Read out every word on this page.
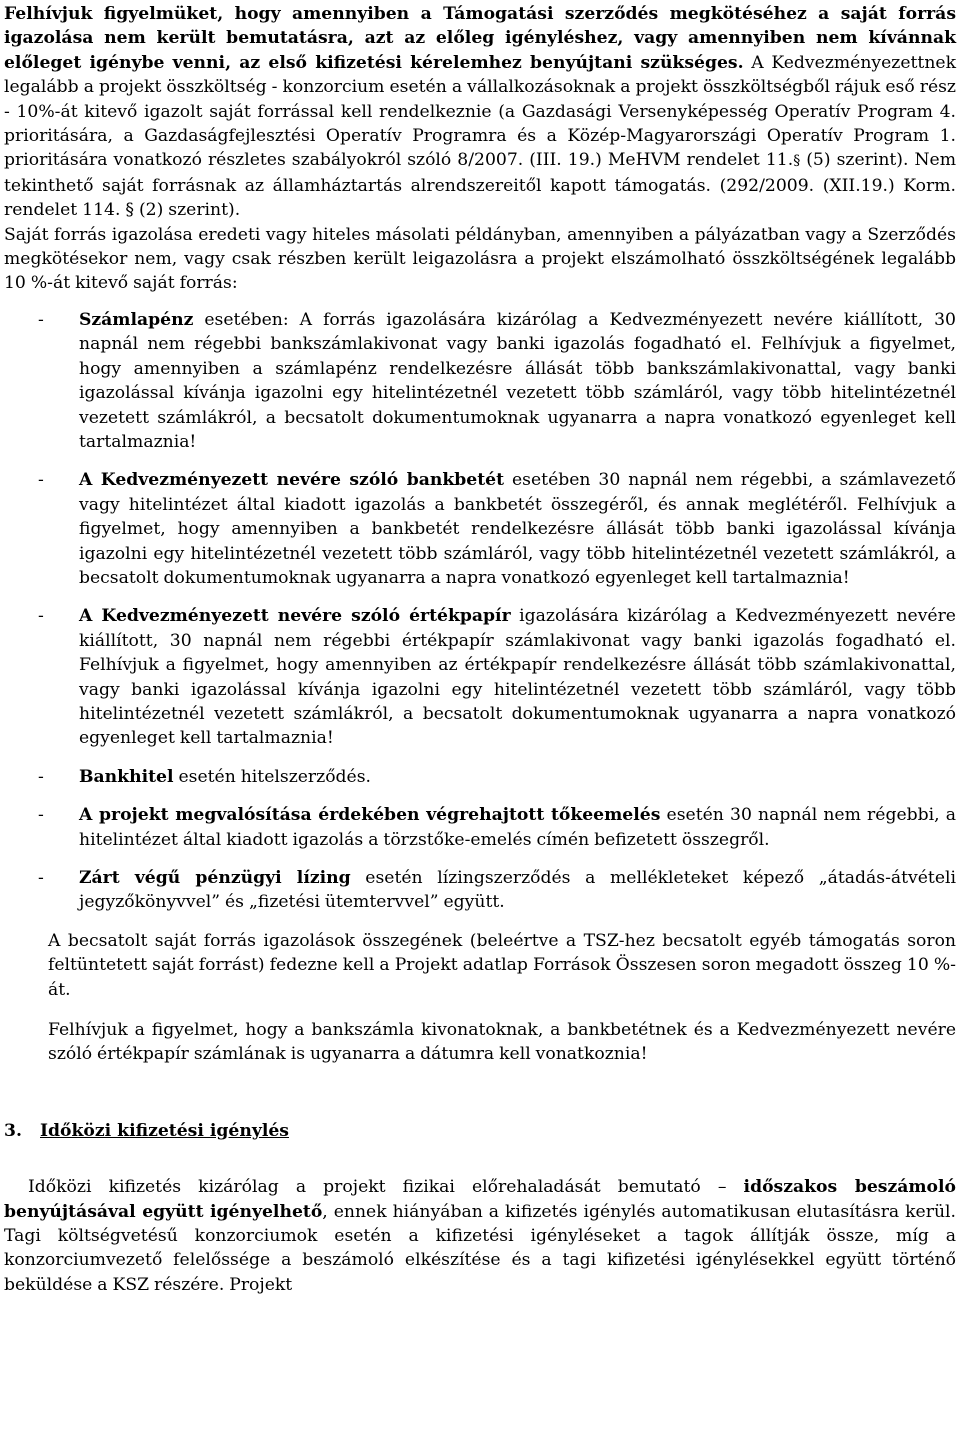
Felhívjuk figyelmüket, hogy amennyiben a Támogatási szerződés megkötéséhez a saját forrás igazolása nem került bemutatásra, azt az előleg igényléshez, vagy amennyiben nem kívánnak előleget igénybe venni, az első kifizetési kérelemhez benyújtani szükséges. A Kedvezményezettnek legalább a projekt összköltség - konzorcium esetén a vállalkozásoknak a projekt összköltségből rájuk eső rész - 10%-át kitevő igazolt saját forrással kell rendelkeznie (a Gazdasági Versenyképesség Operatív Program 4. prioritására, a Gazdaságfejlesztési Operatív Programra és a Közép-Magyarországi Operatív Program 1. prioritására vonatkozó részletes szabályokról szóló 8/2007. (III. 19.) MeHVM rendelet 11.§ (5) szerint). Nem tekinthető saját forrásnak az államháztartás alrendszereitől kapott támogatás. (292/2009. (XII.19.) Korm. rendelet 114. § (2) szerint).

Saját forrás igazolása eredeti vagy hiteles másolati példányban, amennyiben a pályázatban vagy a Szerződés megkötésekor nem, vagy csak részben került leigazolásra a projekt elszámolható összköltségének legalább 10 %-át kitevő saját forrás:

- Számlapénz esetében: A forrás igazolására kizárólag a Kedvezményezett nevére kiállított, 30 napnál nem régebbi bankszámlakivonat vagy banki igazolás fogadható el. Felhívjuk a figyelmet, hogy amennyiben a számlapénz rendelkezésre állását több bankszámlakivonattal, vagy banki igazolással kívánja igazolni egy hitelintézetnél vezetett több számláról, vagy több hitelintézetnél vezetett számlákról, a becsatolt dokumentumoknak ugyanarra a napra vonatkozó egyenleget kell tartalmaznia!

- A Kedvezményezett nevére szóló bankbetét esetében 30 napnál nem régebbi, a számlavezető vagy hitelintézet által kiadott igazolás a bankbetét összegéről, és annak meglétéről. Felhívjuk a figyelmet, hogy amennyiben a bankbetét rendelkezésre állását több banki igazolással kívánja igazolni egy hitelintézetnél vezetett több számláról, vagy több hitelintézetnél vezetett számlákról, a becsatolt dokumentumoknak ugyanarra a napra vonatkozó egyenleget kell tartalmaznia!

- A Kedvezményezett nevére szóló értékpapír igazolására kizárólag a Kedvezményezett nevére kiállított, 30 napnál nem régebbi értékpapír számlakivonat vagy banki igazolás fogadható el. Felhívjuk a figyelmet, hogy amennyiben az értékpapír rendelkezésre állását több számlakivonattal, vagy banki igazolással kívánja igazolni egy hitelintézetnél vezetett több számláról, vagy több hitelintézetnél vezetett számlákról, a becsatolt dokumentumoknak ugyanarra a napra vonatkozó egyenleget kell tartalmaznia!

- Bankhitel esetén hitelszerződés.

- A projekt megvalósítása érdekében végrehajtott tőkeemelés esetén 30 napnál nem régebbi, a hitelintézet által kiadott igazolás a törzstőke-emelés címén befizetett összegről.

- Zárt végű pénzügyi lízing esetén lízingszerződés a mellékleteket képező „átadás-átvételi jegyzőkönyvvel” és „fizetési ütemtervvel” együtt.

A becsatolt saját forrás igazolások összegének (beleértve a TSZ-hez becsatolt egyéb támogatás soron feltüntetett saját forrást) fedezne kell a Projekt adatlap Források Összesen soron megadott összeg 10 %-át.

Felhívjuk a figyelmet, hogy a bankszámla kivonatoknak, a bankbetétnek és a Kedvezményezett nevére szóló értékpapír számlának is ugyanarra a dátumra kell vonatkoznia!

3. Időközi kifizetési igénylés

Időközi kifizetés kizárólag a projekt fizikai előrehaladását bemutató – időszakos beszámoló benyújtásával együtt igényelhető, ennek hiányában a kifizetés igénylés automatikusan elutasításra kerül. Tagi költségvetésű konzorciumok esetén a kifizetési igényléseket a tagok állítják össze, míg a konzorciumvezető felelőssége a beszámoló elkészítése és a tagi kifizetési igénylésekkel együtt történő beküldése a KSZ részére. Projekt
